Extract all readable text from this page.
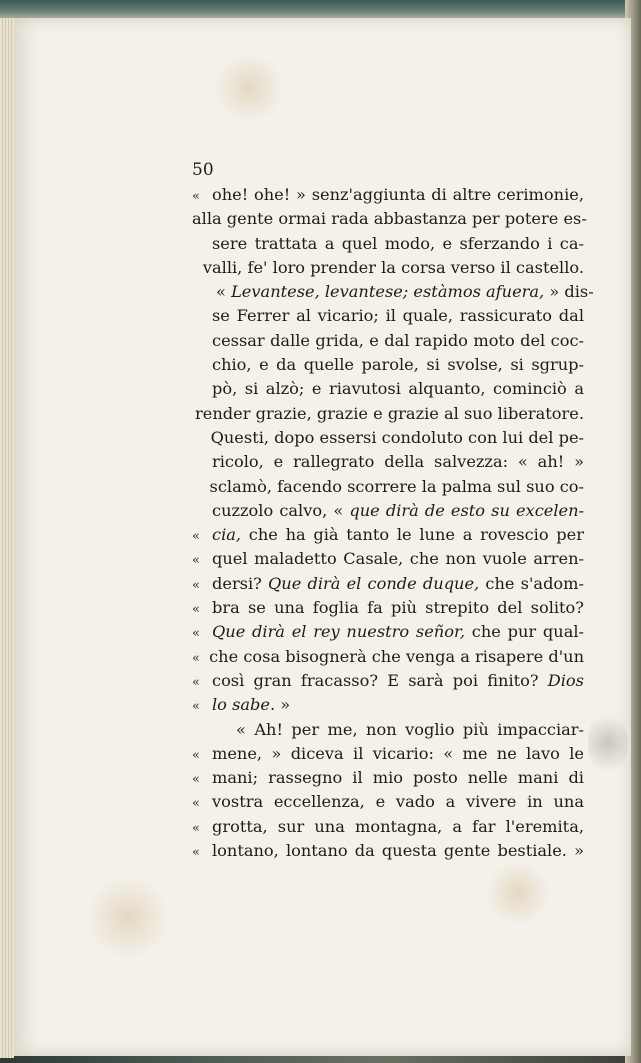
50
« ohe! ohe! » senz'aggiunta di altre cerimonie,
alla gente ormai rada abbastanza per potere es-
sere trattata a quel modo, e sferzando i ca-
valli, fe' loro prender la corsa verso il castello.
« Levantese, levantese; estàmos afuera, » dis-
se Ferrer al vicario; il quale, rassicurato dal
cessar dalle grida, e dal rapido moto del coc-
chio, e da quelle parole, si svolse, si sgrup-
pò, si alzò; e riavutosi alquanto, cominciò a
render grazie, grazie e grazie al suo liberatore.
Questi, dopo essersi condoluto con lui del pe-
ricolo, e rallegrato della salvezza: « ah! »
sclamò, facendo scorrere la palma sul suo co-
cuzzolo calvo, « que dirà de esto su excelen-
« cia, che ha già tanto le lune a rovescio per
« quel maladetto Casale, che non vuole arren-
« dersi? Que dirà el conde duque, che s'adom-
« bra se una foglia fa più strepito del solito?
« Que dirà el rey nuestro señor, che pur qual-
« che cosa bisognerà che venga a risapere d'un
« così gran fracasso? E sarà poi finito? Dios
« lo sabe. »
« Ah! per me, non voglio più impacciar-
« mene, » diceva il vicario: « me ne lavo le
« mani; rassegno il mio posto nelle mani di
« vostra eccellenza, e vado a vivere in una
« grotta, sur una montagna, a far l'eremita,
« lontano, lontano da questa gente bestiale. »
